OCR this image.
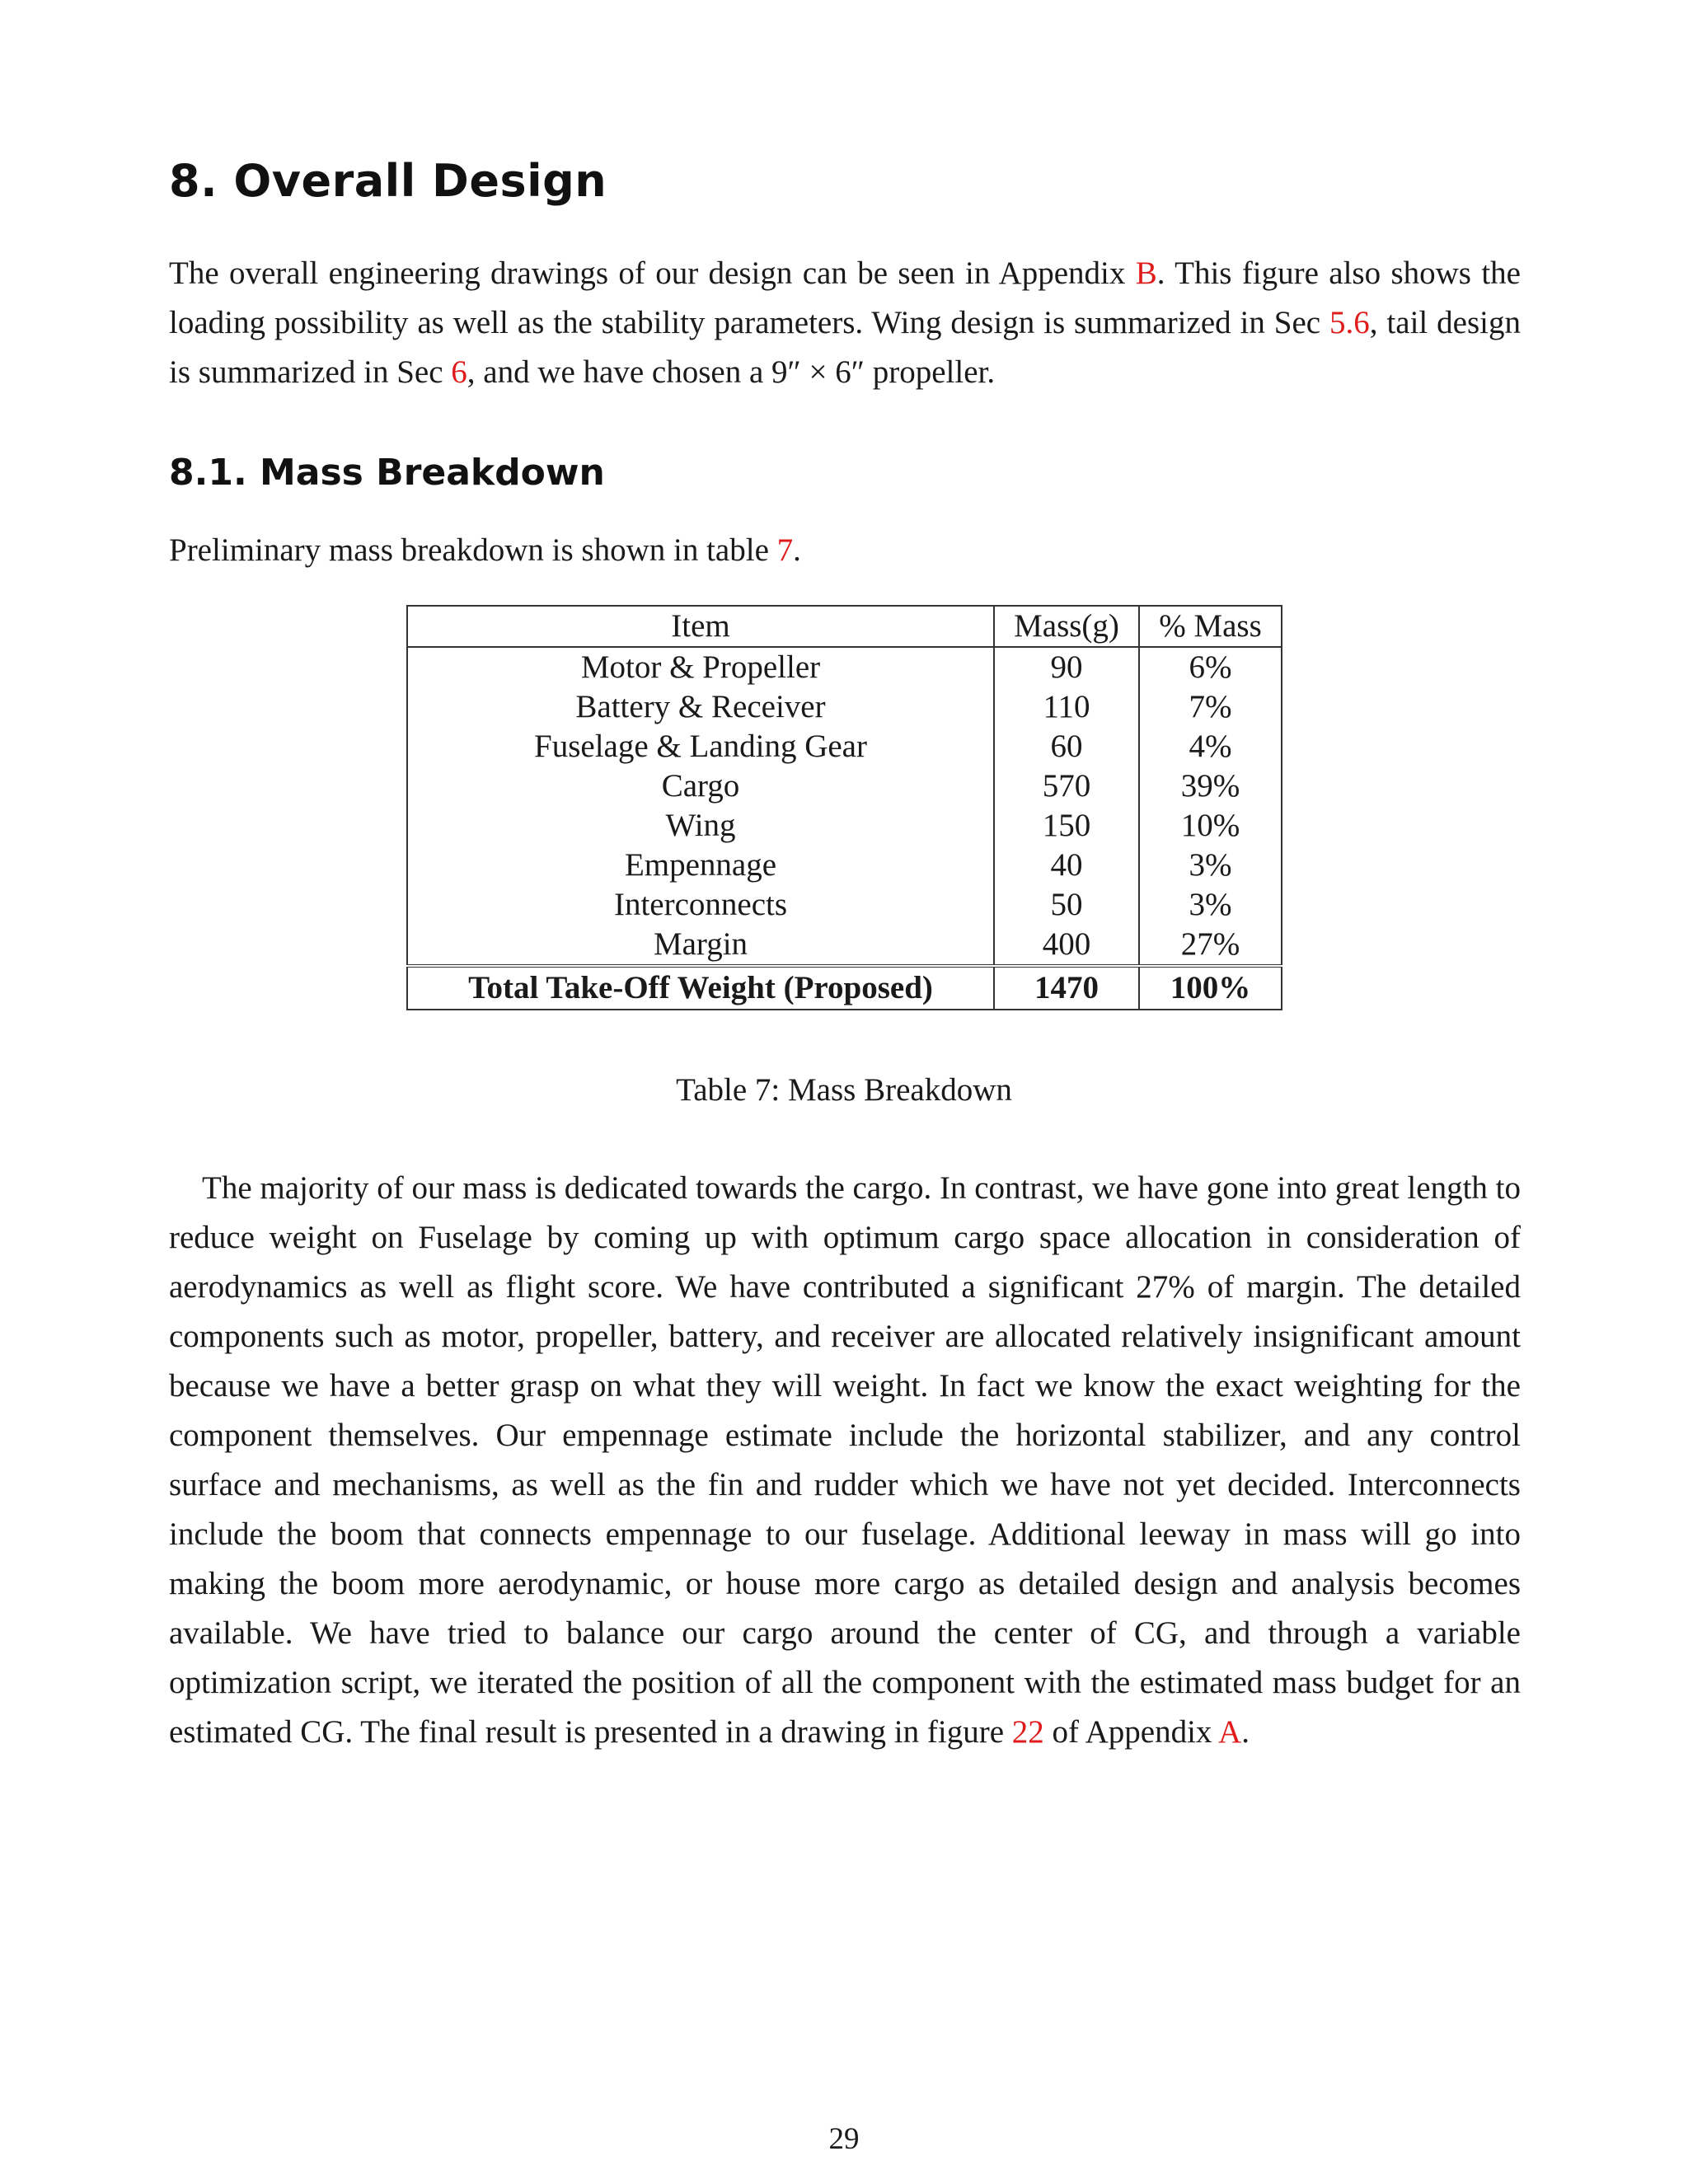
8. Overall Design

The overall engineering drawings of our design can be seen in Appendix B. This figure also shows the loading possibility as well as the stability parameters. Wing design is summarized in Sec 5.6, tail design is summarized in Sec 6, and we have chosen a 9″ × 6″ propeller.

8.1. Mass Breakdown

Preliminary mass breakdown is shown in table 7.

Item	Mass(g)	% Mass
Motor & Propeller	90	6%
Battery & Receiver	110	7%
Fuselage & Landing Gear	60	4%
Cargo	570	39%
Wing	150	10%
Empennage	40	3%
Interconnects	50	3%
Margin	400	27%
Total Take-Off Weight (Proposed)	1470	100%
Table 7: Mass Breakdown

The majority of our mass is dedicated towards the cargo. In contrast, we have gone into great length to reduce weight on Fuselage by coming up with optimum cargo space allocation in consideration of aerodynamics as well as flight score. We have contributed a significant 27% of margin. The detailed components such as motor, propeller, battery, and receiver are allocated relatively insignificant amount because we have a better grasp on what they will weight. In fact we know the exact weighting for the component themselves. Our empennage estimate include the horizontal stabilizer, and any control surface and mechanisms, as well as the fin and rudder which we have not yet decided. Interconnects include the boom that connects empennage to our fuselage. Additional leeway in mass will go into making the boom more aerodynamic, or house more cargo as detailed design and analysis becomes available. We have tried to balance our cargo around the center of CG, and through a variable optimization script, we iterated the position of all the component with the estimated mass budget for an estimated CG. The final result is presented in a drawing in figure 22 of Appendix A.

29
